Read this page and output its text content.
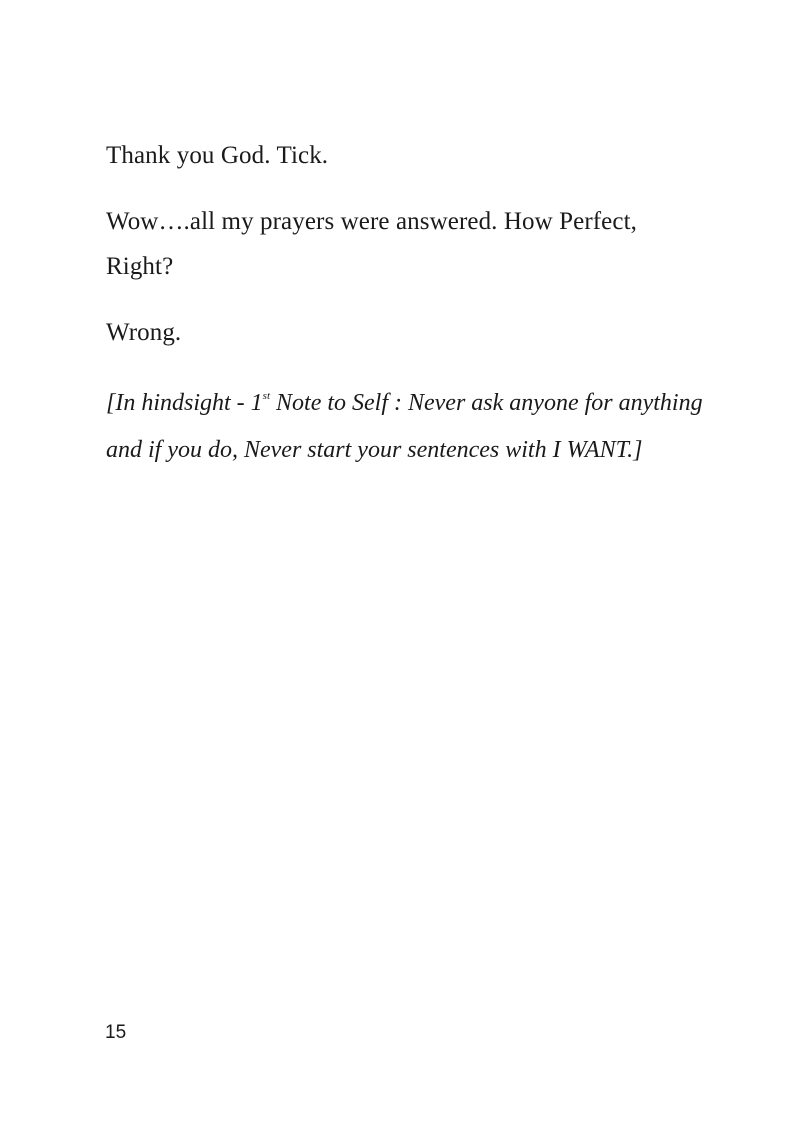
Thank you God. Tick.

Wow….all my prayers were answered. How Perfect,
Right?

Wrong.

[In hindsight - 1st Note to Self : Never ask anyone for anything
and if you do, Never start your sentences with I WANT.]

15
